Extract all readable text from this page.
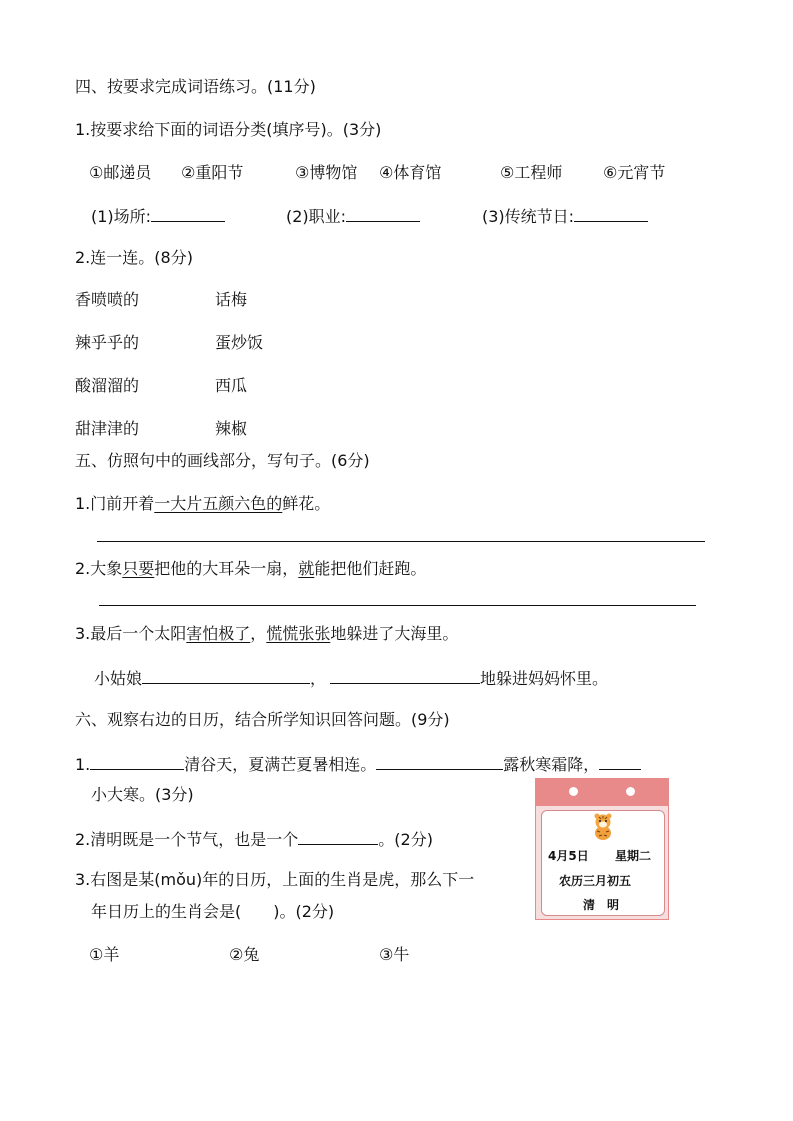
四、按要求完成词语练习。(11分)
1.按要求给下面的词语分类(填序号)。(3分)
①邮递员 ②重阳节	③博物馆 ④体育馆	⑤工程师	⑥元宵节
(1)场所:	(2)职业:	(3)传统节日:
2.连一连。(8分)
香喷喷的	话梅
辣乎乎的	蛋炒饭
酸溜溜的	西瓜
甜津津的	辣椒
五、仿照句中的画线部分，写句子。(6分)
1.门前开着一大片五颜六色的鲜花。
2.大象只要把他的大耳朵一扇，就能把他们赶跑。
3.最后一个太阳害怕极了，慌慌张张地躲进了大海里。
小姑娘	，	地躲进妈妈怀里。
六、观察右边的日历，结合所学知识回答问题。(9分)
1.	清谷天，夏满芒夏暑相连。	露秋寒霜降，
小大寒。(3分)
2.清明既是一个节气，也是一个	。(2分)
3.右图是某(mǒu)年的日历，上面的生肖是虎，那么下一
年日历上的生肖会是(　　)。(2分)
①羊	②兔	③牛
4月5日 星期二
农历三月初五
清　明
